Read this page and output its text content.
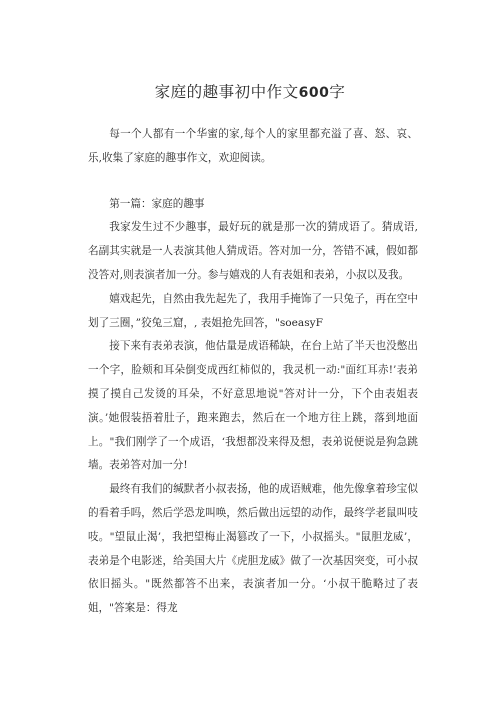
家庭的趣事初中作文600字

每一个人都有一个华蜜的家,每个人的家里都充溢了喜、怒、哀、乐,收集了家庭的趣事作文，欢迎阅读。

第一篇：家庭的趣事

我家发生过不少趣事，最好玩的就是那一次的猜成语了。猜成语,名副其实就是一人表演其他人猜成语。答对加一分，答错不减，假如都没答对,则表演者加一分。参与嬉戏的人有表姐和表弟，小叔以及我。

嬉戏起先，自然由我先起先了，我用手掩饰了一只兔子，再在空中划了三圈，”狡兔三窟，, 表姐抢先回答，"soeasyF

接下来有表弟表演，他估量是成语稀缺，在台上站了半天也没憋出一个字，脸颊和耳朵倒变成西红柿似的，我灵机一动:"面红耳赤!’表弟摸了摸自己发烫的耳朵，不好意思地说"答对计一分，下个由表姐表演。’她假装捂着肚子，跑来跑去，然后在一个地方往上跳，落到地面上。"我们刚学了一个成语，‘我想都没来得及想，表弟说便说是狗急跳墙。表弟答对加一分!

最终有我们的缄默者小叔表扬，他的成语贼难，他先像拿着珍宝似的看着手吗，然后学恐龙叫唤，然后做出远望的动作，最终学老鼠叫吱吱。"望鼠止渴’，我把望梅止渴篡改了一下，小叔摇头。"鼠胆龙威’，表弟是个电影迷，给美国大片《虎胆龙威》做了一次基因突变，可小叔依旧摇头。"既然都答不出来，表演者加一分。‘小叔干脆略过了表姐，"答案是：得龙
